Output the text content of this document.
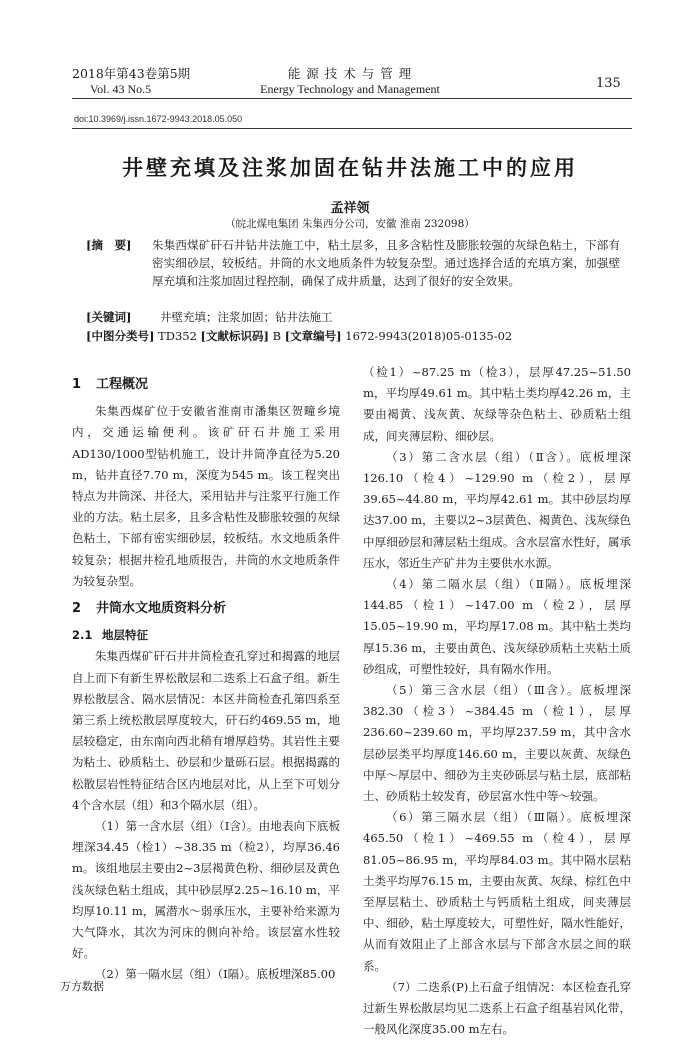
2018年第43卷第5期
Vol. 43 No.5
能 源 技 术 与 管 理
Energy Technology and Management	135
doi:10.3969/j.issn.1672-9943.2018.05.050
井壁充填及注浆加固在钻井法施工中的应用
孟祥领
（皖北煤电集团 朱集西分公司，安徽 淮南 232098）
[摘　要]	朱集西煤矿矸石井钻井法施工中，粘土层多，且多含粘性及膨胀较强的灰绿色粘土，下部有密实细砂层，较板结。井筒的水文地质条件为较复杂型。通过选择合适的充填方案，加强壁厚充填和注浆加固过程控制，确保了成井质量，达到了很好的安全效果。
[关键词] 井壁充填；注浆加固；钻井法施工
[中图分类号] TD352 [文献标识码] B [文章编号] 1672-9943(2018)05-0135-02
1 工程概况

朱集西煤矿位于安徽省淮南市潘集区贺疃乡境内，交通运输便利。该矿矸石井施工采用AD130/1000型钻机施工，设计井筒净直径为5.20 m，钻井直径7.70 m，深度为545 m。该工程突出特点为井筒深、井径大，采用钻井与注浆平行施工作业的方法。粘土层多，且多含粘性及膨胀较强的灰绿色粘土，下部有密实细砂层，较板结。水文地质条件较复杂；根据井检孔地质报告，井筒的水文地质条件为较复杂型。

2 井筒水文地质资料分析
2.1 地层特征

朱集西煤矿矸石井井筒检查孔穿过和揭露的地层自上而下有新生界松散层和二迭系上石盒子组。新生界松散层含、隔水层情况：本区井筒检查孔第四系至第三系上统松散层厚度较大，矸石约469.55 m，地层较稳定，由东南向西北稍有增厚趋势。其岩性主要为粘土、砂质粘土、砂层和少量砾石层。根据揭露的松散层岩性特征结合区内地层对比，从上至下可划分4个含水层（组）和3个隔水层（组）。

（1）第一含水层（组）（Ⅰ含）。由地表向下底板埋深34.45（检1）~38.35 m（检2），均厚36.46 m。该组地层主要由2~3层褐黄色粉、细砂层及黄色浅灰绿色粘土组成，其中砂层厚2.25~16.10 m，平均厚10.11 m，属潜水～弱承压水，主要补给来源为大气降水，其次为河床的侧向补给。该层富水性较好。

（2）第一隔水层（组）（Ⅰ隔）。底板埋深85.00

（检1）~87.25 m（检3），层厚47.25~51.50 m，平均厚49.61 m。其中粘土类均厚42.26 m，主要由褐黄、浅灰黄、灰绿等杂色粘土、砂质粘土组成，间夹薄层粉、细砂层。

（3）第二含水层（组）（Ⅱ含）。底板埋深126.10（检4）~129.90 m（检2），层厚39.65~44.80 m，平均厚42.61 m。其中砂层均厚达37.00 m，主要以2~3层黄色、褐黄色、浅灰绿色中厚细砂层和薄层粘土组成。含水层富水性好，属承压水，邻近生产矿井为主要供水水源。

（4）第二隔水层（组）（Ⅱ隔）。底板埋深144.85（检1）~147.00 m（检2），层厚15.05~19.90 m，平均厚17.08 m。其中粘土类均厚15.36 m，主要由黄色、浅灰绿砂质粘土夹粘土质砂组成，可塑性较好，具有隔水作用。

（5）第三含水层（组）（Ⅲ含）。底板埋深382.30（检3）~384.45 m（检1），层厚236.60~239.60 m，平均厚237.59 m，其中含水层砂层类平均厚度146.60 m，主要以灰黄、灰绿色中厚～厚层中、细砂为主夹砂砾层与粘土层，底部粘土、砂质粘土较发育，砂层富水性中等～较强。

（6）第三隔水层（组）（Ⅲ隔）。底板埋深465.50（检1）~469.55 m（检4），层厚81.05~86.95 m，平均厚84.03 m。其中隔水层粘土类平均厚76.15 m，主要由灰黄、灰绿、棕红色中至厚层粘土、砂质粘土与钙质粘土组成，间夹薄层中、细砂，粘土厚度较大，可塑性好，隔水性能好，从而有效阻止了上部含水层与下部含水层之间的联系。

（7）二迭系(P)上石盒子组情况：本区检查孔穿过新生界松散层均见二迭系上石盒子组基岩风化带，一般风化深度35.00 m左右。

万方数据
